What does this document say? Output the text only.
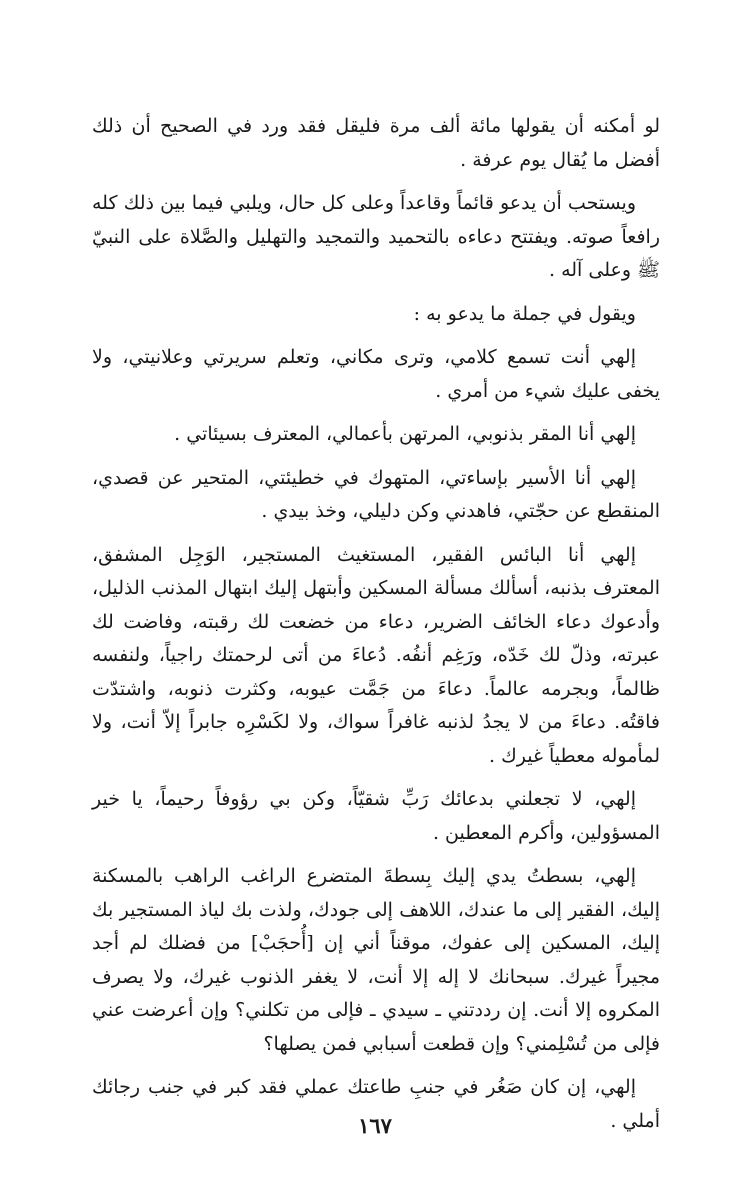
لو أمكنه أن يقولها مائة ألف مرة فليقل فقد ورد في الصحيح أن ذلك أفضل ما يُقال يوم عرفة .

ويستحب أن يدعو قائماً وقاعداً وعلى كل حال، ويلبي فيما بين ذلك كله رافعاً صوته. ويفتتح دعاءه بالتحميد والتمجيد والتهليل والصَّلاة على النبيّ ﷺ وعلى آله .

ويقول في جملة ما يدعو به :

إلهي أنت تسمع كلامي، وترى مكاني، وتعلم سريرتي وعلانيتي، ولا يخفى عليك شيء من أمري .

إلهي أنا المقر بذنوبي، المرتهن بأعمالي، المعترف بسيئاتي .

إلهي أنا الأسير بإساءتي، المتهوك في خطيئتي، المتحير عن قصدي، المنقطع عن حجّتي، فاهدني وكن دليلي، وخذ بيدي .

إلهي أنا البائس الفقير، المستغيث المستجير، الوَجِل المشفق، المعترف بذنبه، أسألك مسألة المسكين وأبتهل إليك ابتهال المذنب الذليل، وأدعوك دعاء الخائف الضرير، دعاء من خضعت لك رقبته، وفاضت لك عبرته، وذلّ لك خَدّه، ورَغِم أنفُه. دُعاءَ من أتى لرحمتك راجياً، ولنفسه ظالماً، وبجرمه عالماً. دعاءَ من جَمَّت عيوبه، وكثرت ذنوبه، واشتدّت فاقتُه. دعاءَ من لا يجدُ لذنبه غافراً سواك، ولا لكَسْرِه جابراً إلاّ أنت، ولا لمأموله معطياً غيرك .

إلهي، لا تجعلني بدعائك رَبِّ شقيّاً، وكن بي رؤوفاً رحيماً، يا خير المسؤولين، وأكرم المعطين .

إلهي، بسطتُ يدي إليك بِسطةَ المتضرع الراغب الراهب بالمسكنة إليك، الفقير إلى ما عندك، اللاهف إلى جودك، ولذت بك لياذ المستجير بك إليك، المسكين إلى عفوك، موقناً أني إن [أُحجَبْ] من فضلك لم أجد مجيراً غيرك. سبحانك لا إله إلا أنت، لا يغفر الذنوب غيرك، ولا يصرف المكروه إلا أنت. إن رددتني ـ سيدي ـ فإلى من تكلني؟ وإن أعرضت عني فإلى من تُسْلِمني؟ وإن قطعت أسبابي فمن يصلها؟

إلهي، إن كان صَغُر في جنبِ طاعتك عملي فقد كبر في جنب رجائك أملي .

١٦٧
